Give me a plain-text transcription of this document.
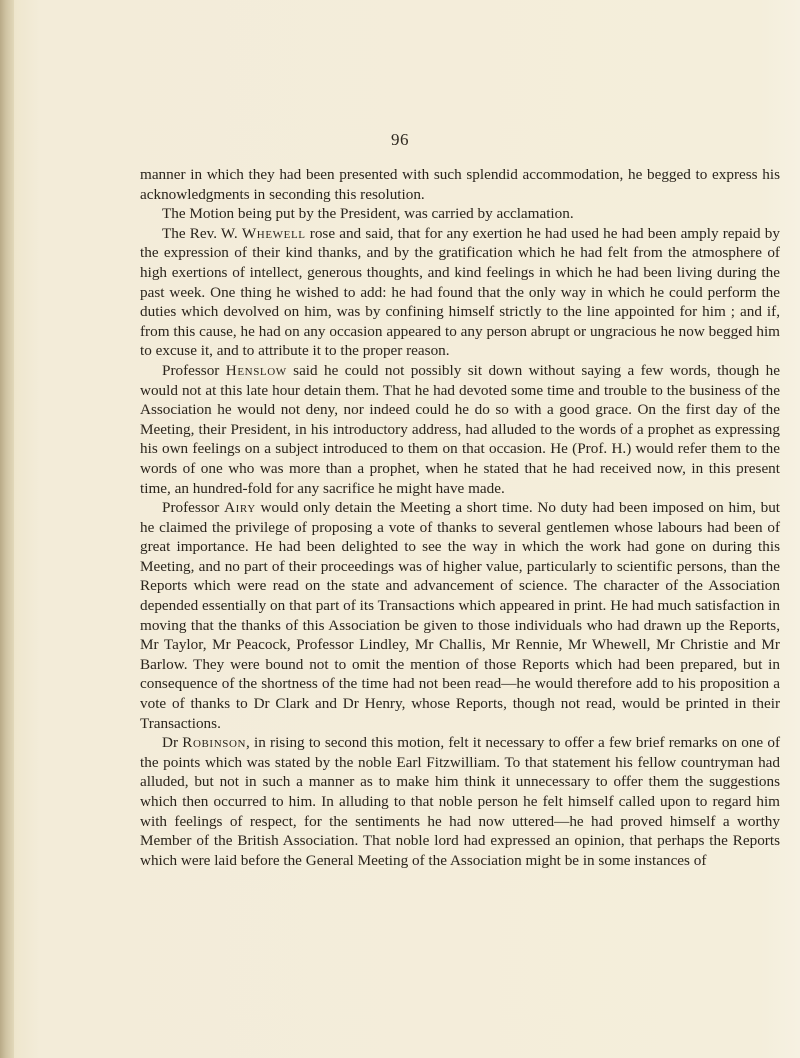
96

manner in which they had been presented with such splendid accommodation, he begged to express his acknowledgments in seconding this resolution.

The Motion being put by the President, was carried by acclamation.

The Rev. W. Whewell rose and said, that for any exertion he had used he had been amply repaid by the expression of their kind thanks, and by the gratification which he had felt from the atmosphere of high exertions of intellect, generous thoughts, and kind feelings in which he had been living during the past week. One thing he wished to add: he had found that the only way in which he could perform the duties which devolved on him, was by confining himself strictly to the line appointed for him ; and if, from this cause, he had on any occasion appeared to any person abrupt or ungracious he now begged him to excuse it, and to attribute it to the proper reason.

Professor Henslow said he could not possibly sit down without saying a few words, though he would not at this late hour detain them. That he had devoted some time and trouble to the business of the Association he would not deny, nor indeed could he do so with a good grace. On the first day of the Meeting, their President, in his introductory address, had alluded to the words of a prophet as expressing his own feelings on a subject introduced to them on that occasion. He (Prof. H.) would refer them to the words of one who was more than a prophet, when he stated that he had received now, in this present time, an hundred-fold for any sacrifice he might have made.

Professor Airy would only detain the Meeting a short time. No duty had been imposed on him, but he claimed the privilege of proposing a vote of thanks to several gentlemen whose labours had been of great importance. He had been delighted to see the way in which the work had gone on during this Meeting, and no part of their proceedings was of higher value, particularly to scientific persons, than the Reports which were read on the state and advancement of science. The character of the Association depended essentially on that part of its Transactions which appeared in print. He had much satisfaction in moving that the thanks of this Association be given to those individuals who had drawn up the Reports, Mr Taylor, Mr Peacock, Professor Lindley, Mr Challis, Mr Rennie, Mr Whewell, Mr Christie and Mr Barlow. They were bound not to omit the mention of those Reports which had been prepared, but in consequence of the shortness of the time had not been read—he would therefore add to his proposition a vote of thanks to Dr Clark and Dr Henry, whose Reports, though not read, would be printed in their Transactions.

Dr Robinson, in rising to second this motion, felt it necessary to offer a few brief remarks on one of the points which was stated by the noble Earl Fitzwilliam. To that statement his fellow countryman had alluded, but not in such a manner as to make him think it unnecessary to offer them the suggestions which then occurred to him. In alluding to that noble person he felt himself called upon to regard him with feelings of respect, for the sentiments he had now uttered—he had proved himself a worthy Member of the British Association. That noble lord had expressed an opinion, that perhaps the Reports which were laid before the General Meeting of the Association might be in some instances of
